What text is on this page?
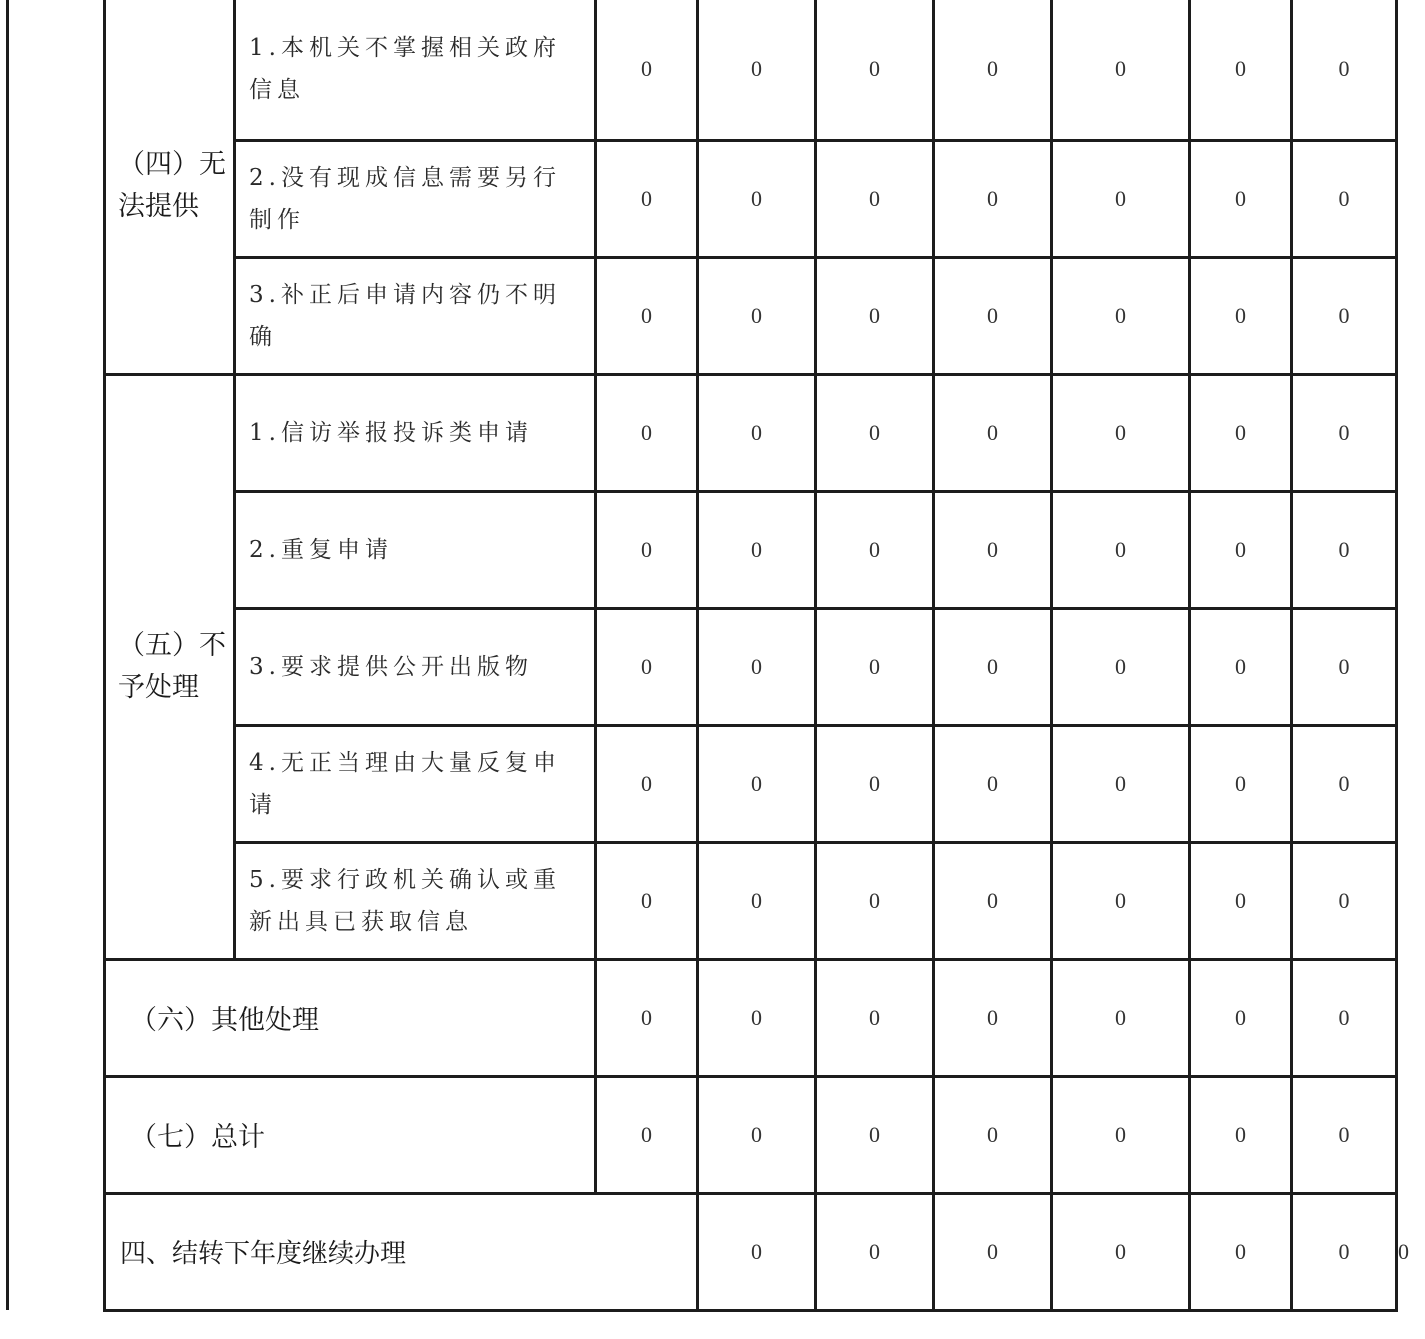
	（四）无法提供	1.本机关不掌握相关政府信息	0	0	0	0	0	0	0	
		2.没有现成信息需要另行制作	0	0	0	0	0	0	0	
		3.补正后申请内容仍不明确	0	0	0	0	0	0	0	
	（五）不予处理	1.信访举报投诉类申请	0	0	0	0	0	0	0	
		2.重复申请	0	0	0	0	0	0	0	
		3.要求提供公开出版物	0	0	0	0	0	0	0	
		4.无正当理由大量反复申请	0	0	0	0	0	0	0	
		5.要求行政机关确认或重新出具已获取信息	0	0	0	0	0	0	0	
	（六）其他处理		0	0	0	0	0	0	0	
	（七）总计		0	0	0	0	0	0	0	
	四、结转下年度继续办理			0	0	0	0	0	0	0
